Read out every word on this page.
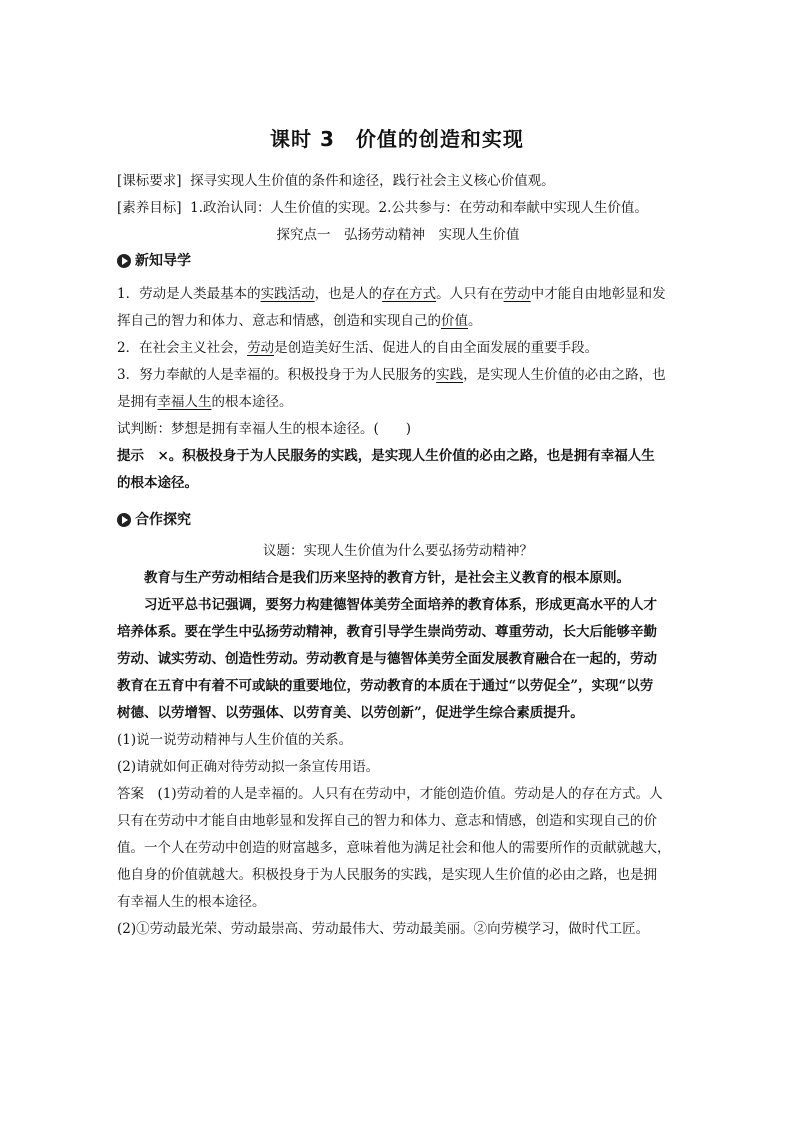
课时 3　价值的创造和实现
[课标要求] 探寻实现人生价值的条件和途径，践行社会主义核心价值观。
[素养目标] 1.政治认同：人生价值的实现。2.公共参与：在劳动和奉献中实现人生价值。
探究点一　弘扬劳动精神　实现人生价值
新知导学
1．劳动是人类最基本的实践活动，也是人的存在方式。人只有在劳动中才能自由地彰显和发
挥自己的智力和体力、意志和情感，创造和实现自己的价值。
2．在社会主义社会，劳动是创造美好生活、促进人的自由全面发展的重要手段。
3．努力奉献的人是幸福的。积极投身于为人民服务的实践，是实现人生价值的必由之路，也
是拥有幸福人生的根本途径。
试判断：梦想是拥有幸福人生的根本途径。(　　)
提示　×。积极投身于为人民服务的实践，是实现人生价值的必由之路，也是拥有幸福人生
的根本途径。
合作探究
议题：实现人生价值为什么要弘扬劳动精神？
教育与生产劳动相结合是我们历来坚持的教育方针，是社会主义教育的根本原则。
习近平总书记强调，要努力构建德智体美劳全面培养的教育体系，形成更高水平的人才
培养体系。要在学生中弘扬劳动精神，教育引导学生崇尚劳动、尊重劳动，长大后能够辛勤
劳动、诚实劳动、创造性劳动。劳动教育是与德智体美劳全面发展教育融合在一起的，劳动
教育在五育中有着不可或缺的重要地位，劳动教育的本质在于通过“以劳促全”，实现“以劳
树德、以劳增智、以劳强体、以劳育美、以劳创新”，促进学生综合素质提升。
(1)说一说劳动精神与人生价值的关系。
(2)请就如何正确对待劳动拟一条宣传用语。
答案　(1)劳动着的人是幸福的。人只有在劳动中，才能创造价值。劳动是人的存在方式。人
只有在劳动中才能自由地彰显和发挥自己的智力和体力、意志和情感，创造和实现自己的价
值。一个人在劳动中创造的财富越多，意味着他为满足社会和他人的需要所作的贡献就越大，
他自身的价值就越大。积极投身于为人民服务的实践，是实现人生价值的必由之路，也是拥
有幸福人生的根本途径。
(2)①劳动最光荣、劳动最崇高、劳动最伟大、劳动最美丽。②向劳模学习，做时代工匠。
